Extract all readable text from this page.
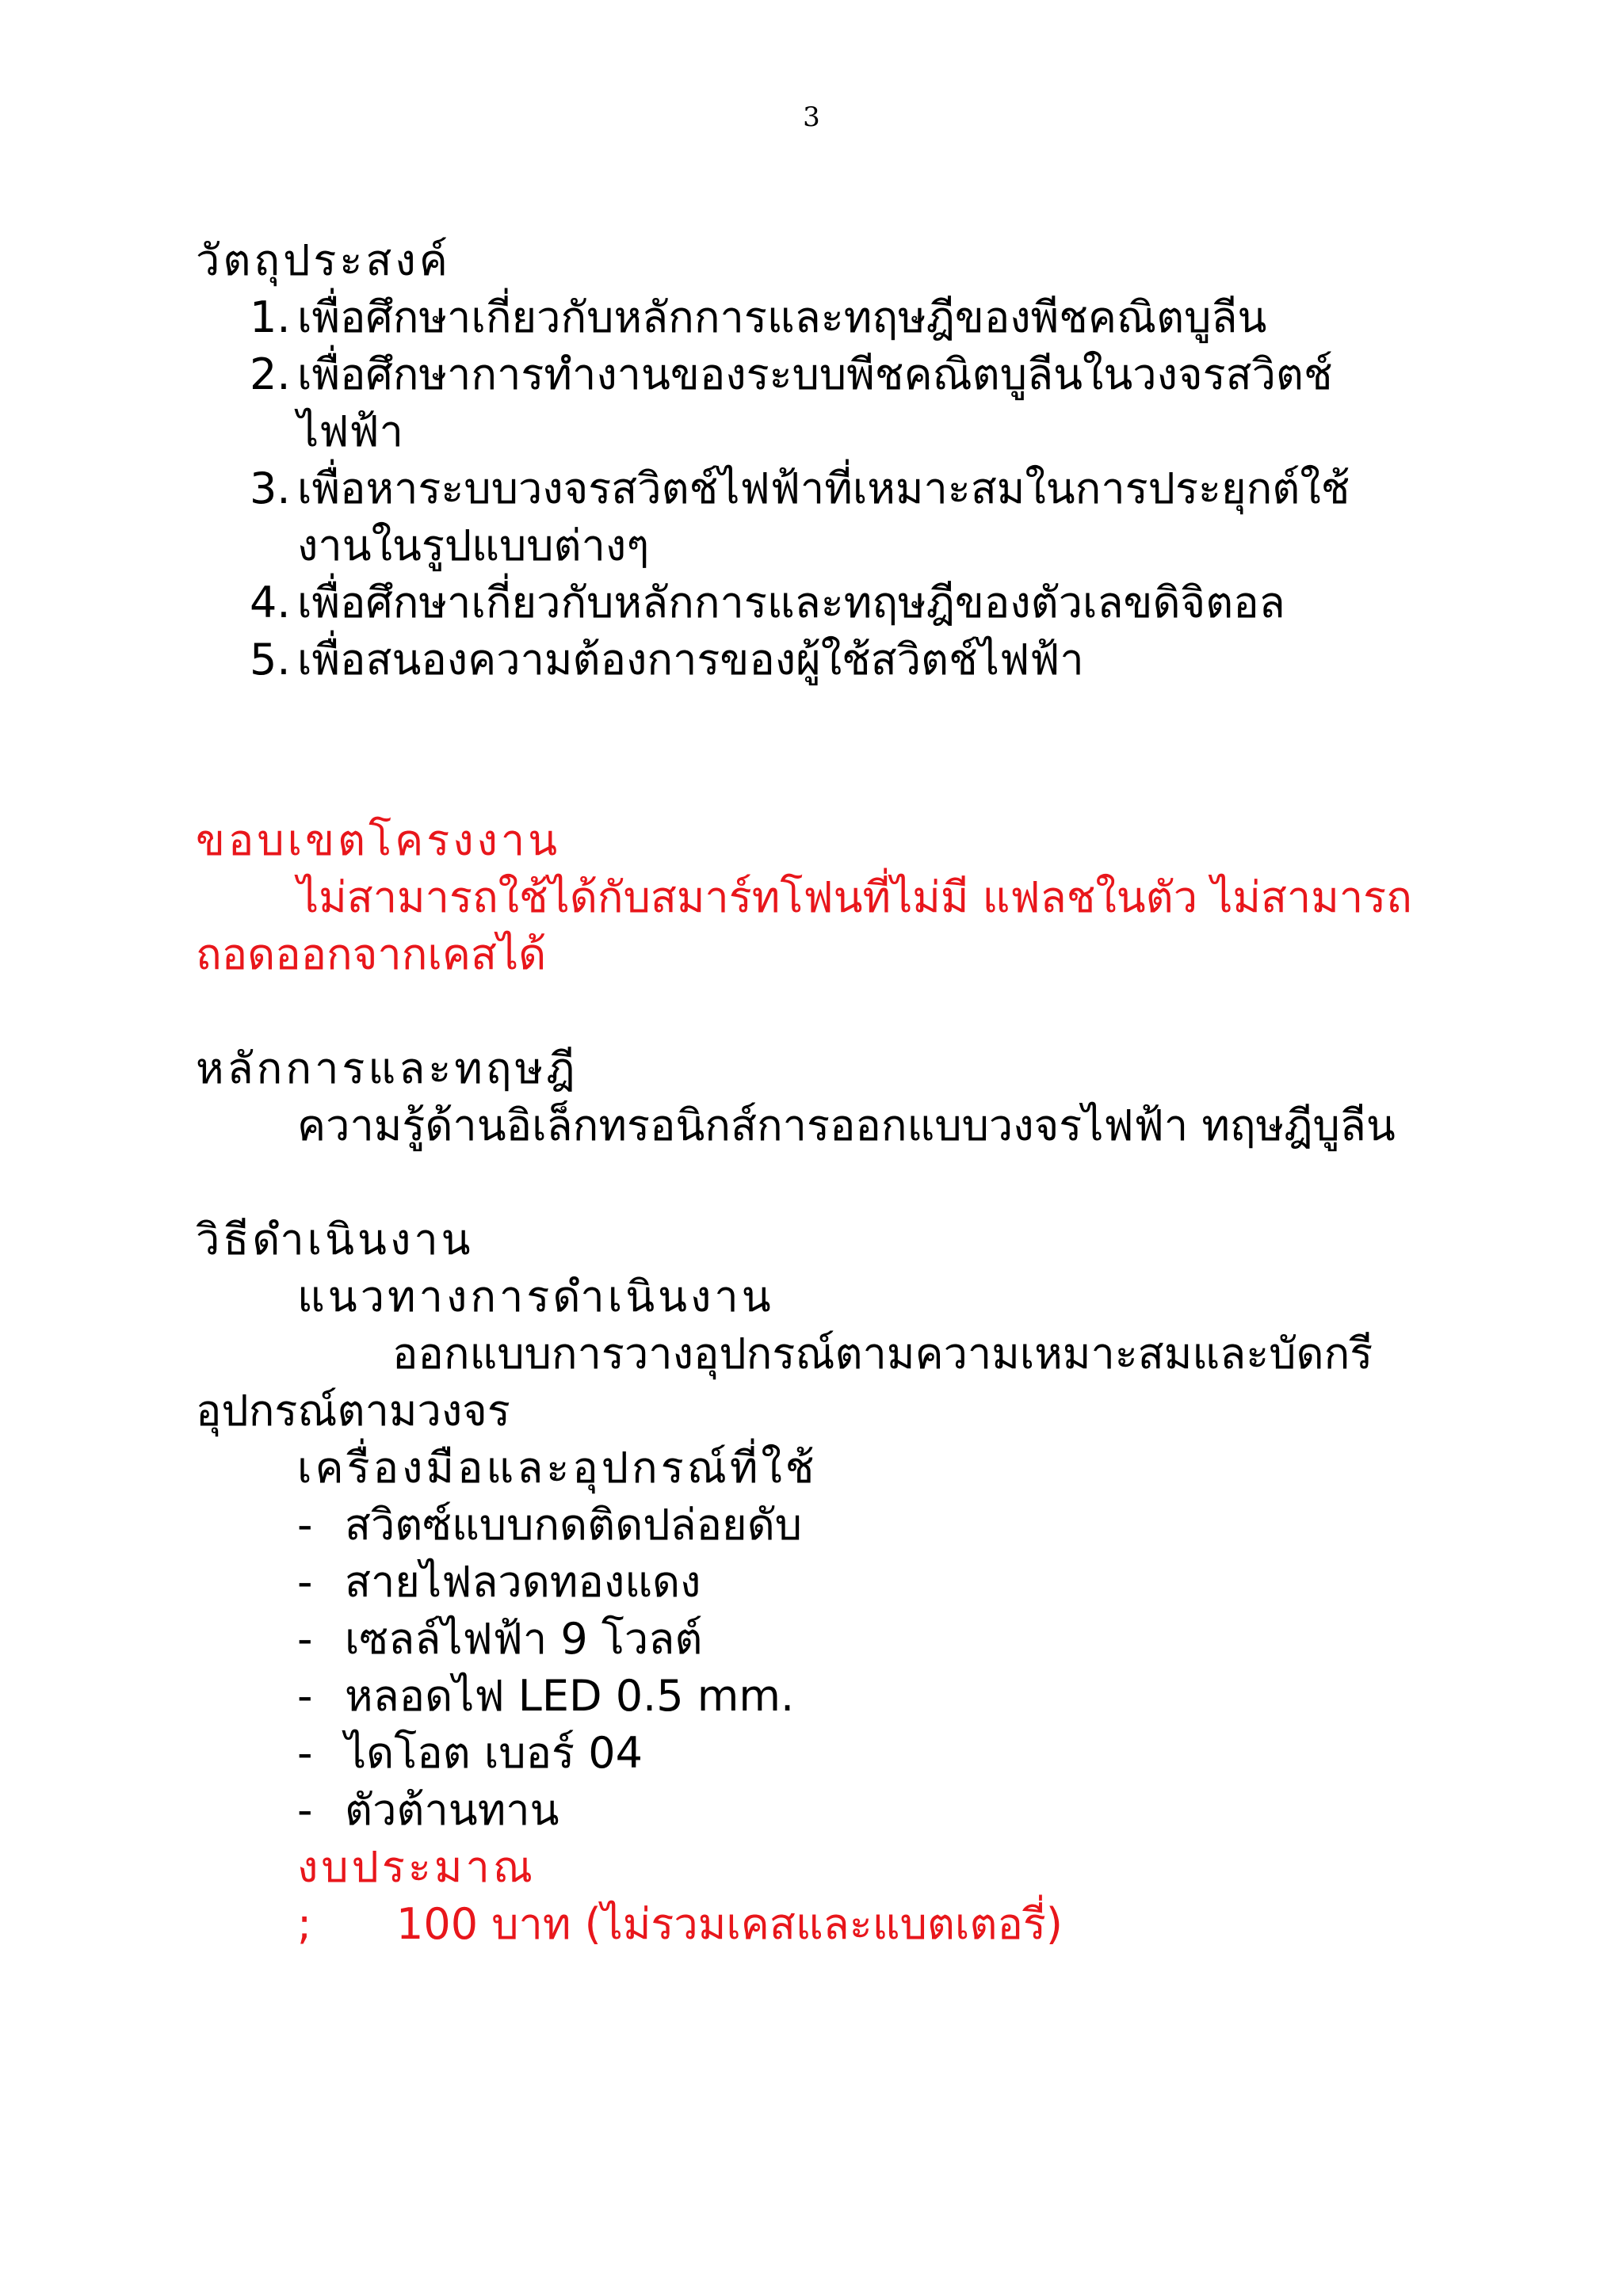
3
วัตถุประสงค์
1. เพื่อศึกษาเกี่ยวกับหลักการและทฤษฎีของพีชคณิตบูลีน
2. เพื่อศึกษาการทำงานของระบบพีชคณิตบูลีนในวงจรสวิตช์
ไฟฟ้า
3. เพื่อหาระบบวงจรสวิตช์ไฟฟ้าที่เหมาะสมในการประยุกต์ใช้
งานในรูปแบบต่างๆ
4. เพื่อศึกษาเกี่ยวกับหลักการและทฤษฎีของตัวเลขดิจิตอล
5. เพื่อสนองความต้องการของผู้ใช้สวิตช์ไฟฟ้า
ขอบเขตโครงงาน
ไม่สามารถใช้ได้กับสมาร์ทโฟนที่ไม่มี แฟลชในตัว ไม่สามารถ
ถอดออกจากเคสได้
หลักการและทฤษฎี
ความรู้ด้านอิเล็กทรอนิกส์การออกแบบวงจรไฟฟ้า ทฤษฎีบูลีน
วิธีดำเนินงาน
แนวทางการดำเนินงาน
ออกแบบการวางอุปกรณ์ตามความเหมาะสมและบัดกรี
อุปกรณ์ตามวงจร
เครื่องมือและอุปกรณ์ที่ใช้
- สวิตซ์แบบกดติดปล่อยดับ
- สายไฟลวดทองแดง
- เซลล์ไฟฟ้า 9 โวลต์
- หลอดไฟ LED 0.5 mm.
- ไดโอต เบอร์ 04
- ตัวต้านทาน
งบประมาณ
; 100 บาท (ไม่รวมเคสและแบตเตอรี่)
